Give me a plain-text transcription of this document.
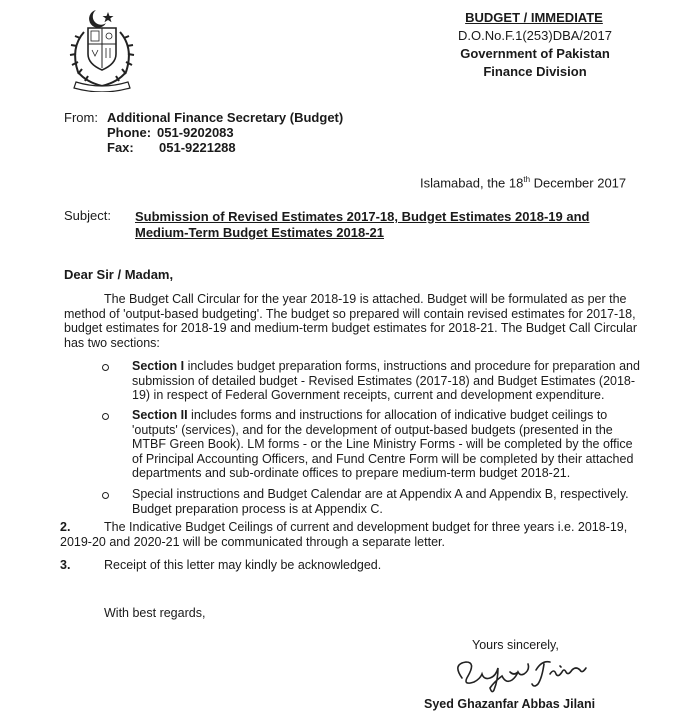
BUDGET / IMMEDIATE
D.O.No.F.1(253)DBA/2017
Government of Pakistan
Finance Division
From: Additional Finance Secretary (Budget)
Phone: 051-9202083
Fax: 051-9221288
Islamabad, the 18th December 2017
Subject: Submission of Revised Estimates 2017-18, Budget Estimates 2018-19 and
Medium-Term Budget Estimates 2018-21
Dear Sir / Madam,
The Budget Call Circular for the year 2018-19 is attached. Budget will be formulated as per the
method of 'output-based budgeting'. The budget so prepared will contain revised estimates for 2017-18,
budget estimates for 2018-19 and medium-term budget estimates for 2018-21. The Budget Call Circular
has two sections:
Section I includes budget preparation forms, instructions and procedure for preparation and
submission of detailed budget - Revised Estimates (2017-18) and Budget Estimates (2018-
19) in respect of Federal Government receipts, current and development expenditure.
Section II includes forms and instructions for allocation of indicative budget ceilings to
'outputs' (services), and for the development of output-based budgets (presented in the
MTBF Green Book). LM forms - or the Line Ministry Forms - will be completed by the office
of Principal Accounting Officers, and Fund Centre Form will be completed by their attached
departments and sub-ordinate offices to prepare medium-term budget 2018-21.
Special instructions and Budget Calendar are at Appendix A and Appendix B, respectively.
Budget preparation process is at Appendix C.
2.	The Indicative Budget Ceilings of current and development budget for three years i.e. 2018-19,
2019-20 and 2020-21 will be communicated through a separate letter.
3.	Receipt of this letter may kindly be acknowledged.
With best regards,
Yours sincerely,
Syed Ghazanfar Abbas Jilani
